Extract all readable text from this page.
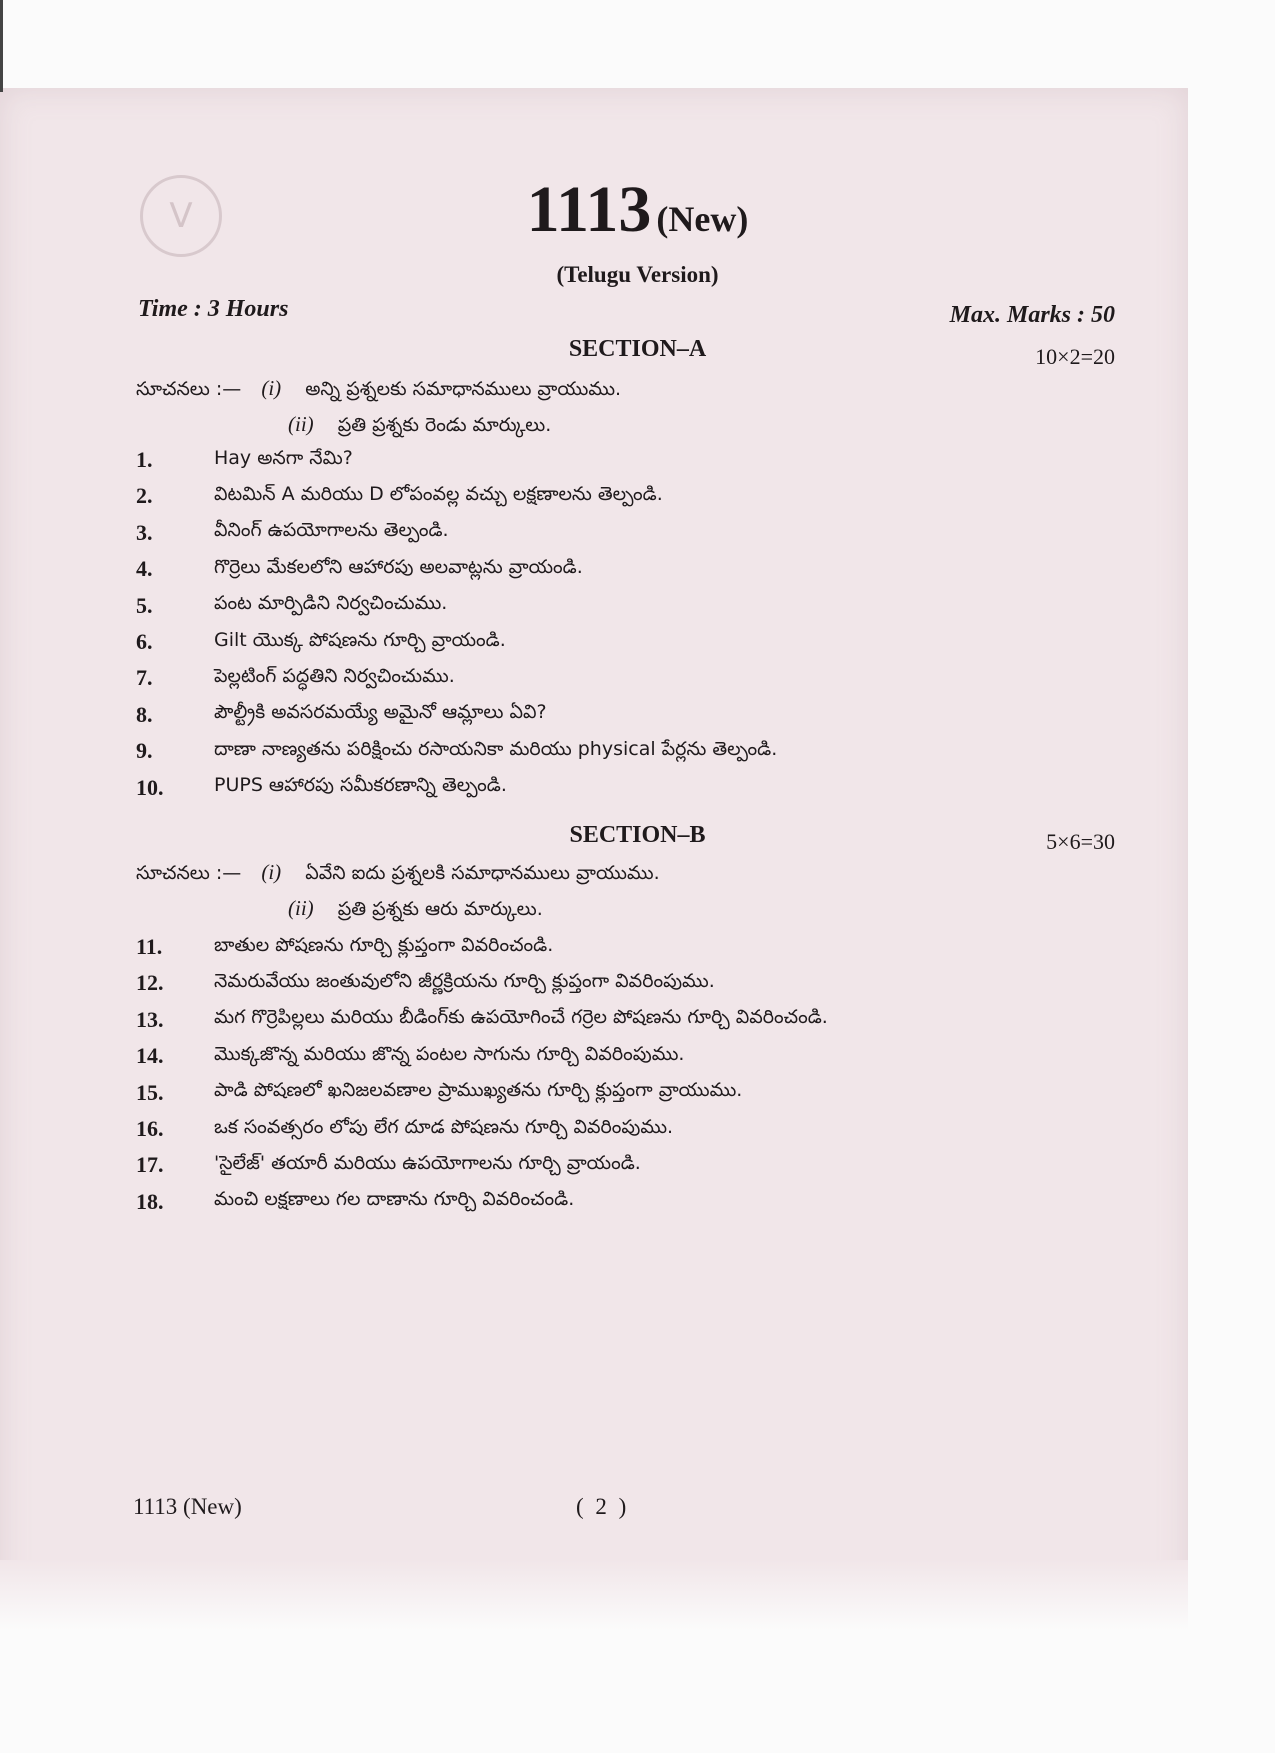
V	1113 (New)
(Telugu Version)
Time : 3 Hours	Max. Marks : 50
SECTION–A	10×2=20
సూచనలు :— (i) అన్ని ప్రశ్నలకు సమాధానములు వ్రాయుము.
(ii) ప్రతి ప్రశ్నకు రెండు మార్కులు.
1.	Hay అనగా నేమి?
2.	విటమిన్ A మరియు D లోపంవల్ల వచ్చు లక్షణాలను తెల్పండి.
3.	వీనింగ్ ఉపయోగాలను తెల్పండి.
4.	గొర్రెలు మేకలలోని ఆహారపు అలవాట్లను వ్రాయండి.
5.	పంట మార్పిడిని నిర్వచించుము.
6.	Gilt యొక్క పోషణను గూర్చి వ్రాయండి.
7.	పెల్లటింగ్ పద్ధతిని నిర్వచించుము.
8.	పౌల్ట్రీకి అవసరమయ్యే అమైనో ఆమ్లాలు ఏవి?
9.	దాణా నాణ్యతను పరిక్షించు రసాయనికా మరియు physical పేర్లను తెల్పండి.
10.	PUPS ఆహారపు సమీకరణాన్ని తెల్పండి.
SECTION–B	5×6=30
సూచనలు :— (i) ఏవేని ఐదు ప్రశ్నలకి సమాధానములు వ్రాయుము.
(ii) ప్రతి ప్రశ్నకు ఆరు మార్కులు.
11.	బాతుల పోషణను గూర్చి క్లుప్తంగా వివరించండి.
12.	నెమరువేయు జంతువులోని జీర్ణక్రియను గూర్చి క్లుప్తంగా వివరింపుము.
13.	మగ గొర్రెపిల్లలు మరియు బీడింగ్‌కు ఉపయోగించే గర్రెల పోషణను గూర్చి వివరించండి.
14.	మొక్కజొన్న మరియు జొన్న పంటల సాగును గూర్చి వివరింపుము.
15.	పాడి పోషణలో ఖనిజలవణాల ప్రాముఖ్యతను గూర్చి క్లుప్తంగా వ్రాయుము.
16.	ఒక సంవత్సరం లోపు లేగ దూడ పోషణను గూర్చి వివరింపుము.
17.	'సైలేజ్' తయారీ మరియు ఉపయోగాలను గూర్చి వ్రాయండి.
18.	మంచి లక్షణాలు గల దాణాను గూర్చి వివరించండి.
1113 (New)	( 2 )
